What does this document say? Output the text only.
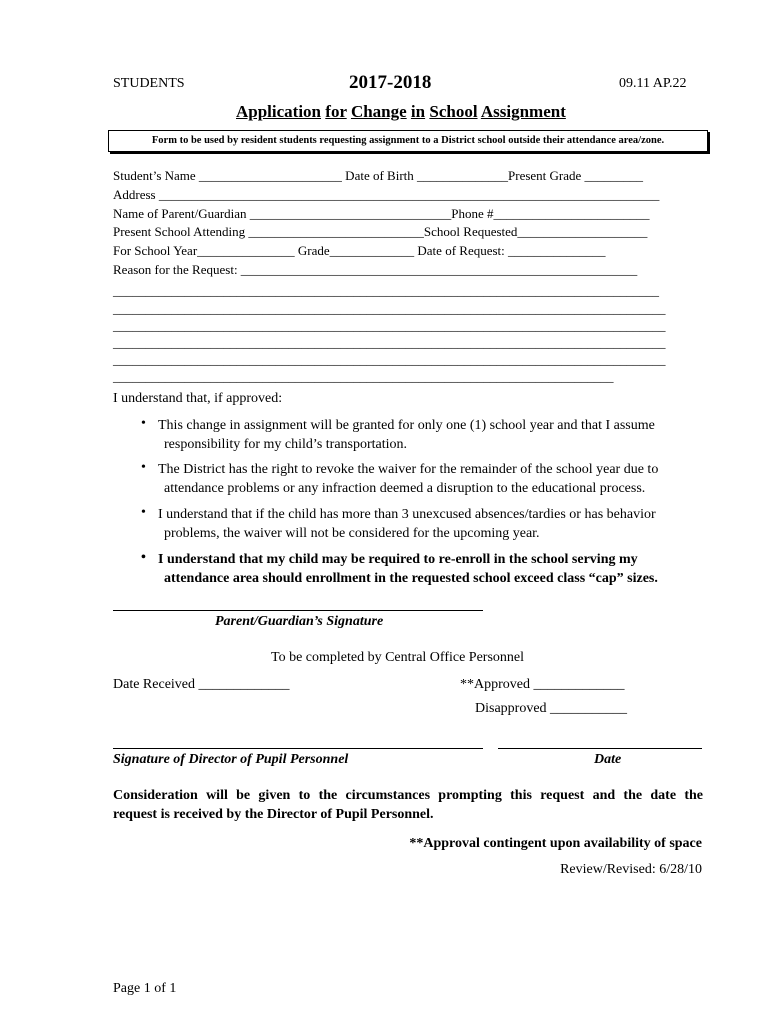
STUDENTS	2017-2018	09.11 AP.22
Application for Change in School Assignment
Form to be used by resident students requesting assignment to a District school outside their attendance area/zone.
Student’s Name ______________________ Date of Birth ______________Present Grade _________
Address _____________________________________________________________________________
Name of Parent/Guardian _______________________________Phone #________________________
Present School Attending ___________________________School Requested____________________
For School Year_______________ Grade_____________ Date of Request: _______________
Reason for the Request: _____________________________________________________________
____________________________________________________________________________________
_____________________________________________________________________________________
_____________________________________________________________________________________
_____________________________________________________________________________________
_____________________________________________________________________________________
_____________________________________________________________________________
I understand that, if approved:
• This change in assignment will be granted for only one (1) school year and that I assume
responsibility for my child’s transportation.
• The District has the right to revoke the waiver for the remainder of the school year due to
attendance problems or any infraction deemed a disruption to the educational process.
• I understand that if the child has more than 3 unexcused absences/tardies or has behavior
problems, the waiver will not be considered for the upcoming year.
• I understand that my child may be required to re-enroll in the school serving my
attendance area should enrollment in the requested school exceed class “cap” sizes.
Parent/Guardian’s Signature
To be completed by Central Office Personnel
Date Received _____________	**Approved _____________
Disapproved ___________
Signature of Director of Pupil Personnel	Date
Consideration will be given to the circumstances prompting this request and the date the
request is received by the Director of Pupil Personnel.
**Approval contingent upon availability of space
Review/Revised: 6/28/10
Page 1 of 1
